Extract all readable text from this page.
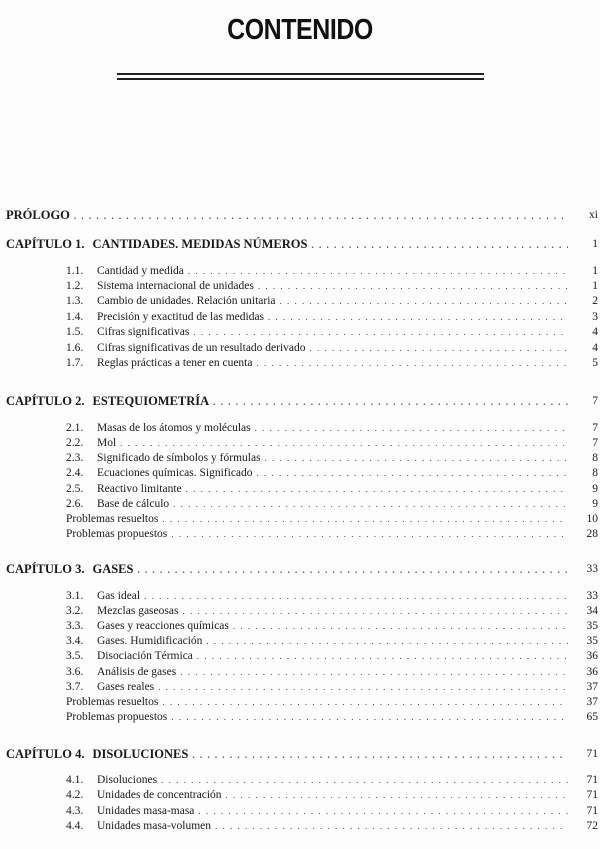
CONTENIDO
PRÓLOGO . . .	xi
CAPÍTULO 1. CANTIDADES. MEDIDAS NÚMEROS . . .	1
1.1. Cantidad y medida . . .	1
1.2. Sistema internacional de unidades . . .	1
1.3. Cambio de unidades. Relación unitaria . . .	2
1.4. Precisión y exactitud de las medidas . . .	3
1.5. Cifras significativas . . .	4
1.6. Cifras significativas de un resultado derivado . . .	4
1.7. Reglas prácticas a tener en cuenta . . .	5
CAPÍTULO 2. ESTEQUIOMETRÍA . . .	7
2.1. Masas de los átomos y moléculas . . .	7
2.2. Mol . . .	7
2.3. Significado de símbolos y fórmulas . . .	8
2.4. Ecuaciones químicas. Significado . . .	8
2.5. Reactivo limitante . . .	9
2.6. Base de cálculo . . .	9
Problemas resueltos . . .	10
Problemas propuestos . . .	28
CAPÍTULO 3. GASES . . .	33
3.1. Gas ideal . . .	33
3.2. Mezclas gaseosas . . .	34
3.3. Gases y reacciones químicas . . .	35
3.4. Gases. Humidificación . . .	35
3.5. Disociación Térmica . . .	36
3.6. Análisis de gases . . .	36
3.7. Gases reales . . .	37
Problemas resueltos . . .	37
Problemas propuestos . . .	65
CAPÍTULO 4. DISOLUCIONES . . .	71
4.1. Disoluciones . . .	71
4.2. Unidades de concentración . . .	71
4.3. Unidades masa-masa . . .	71
4.4. Unidades masa-volumen . . .	72
